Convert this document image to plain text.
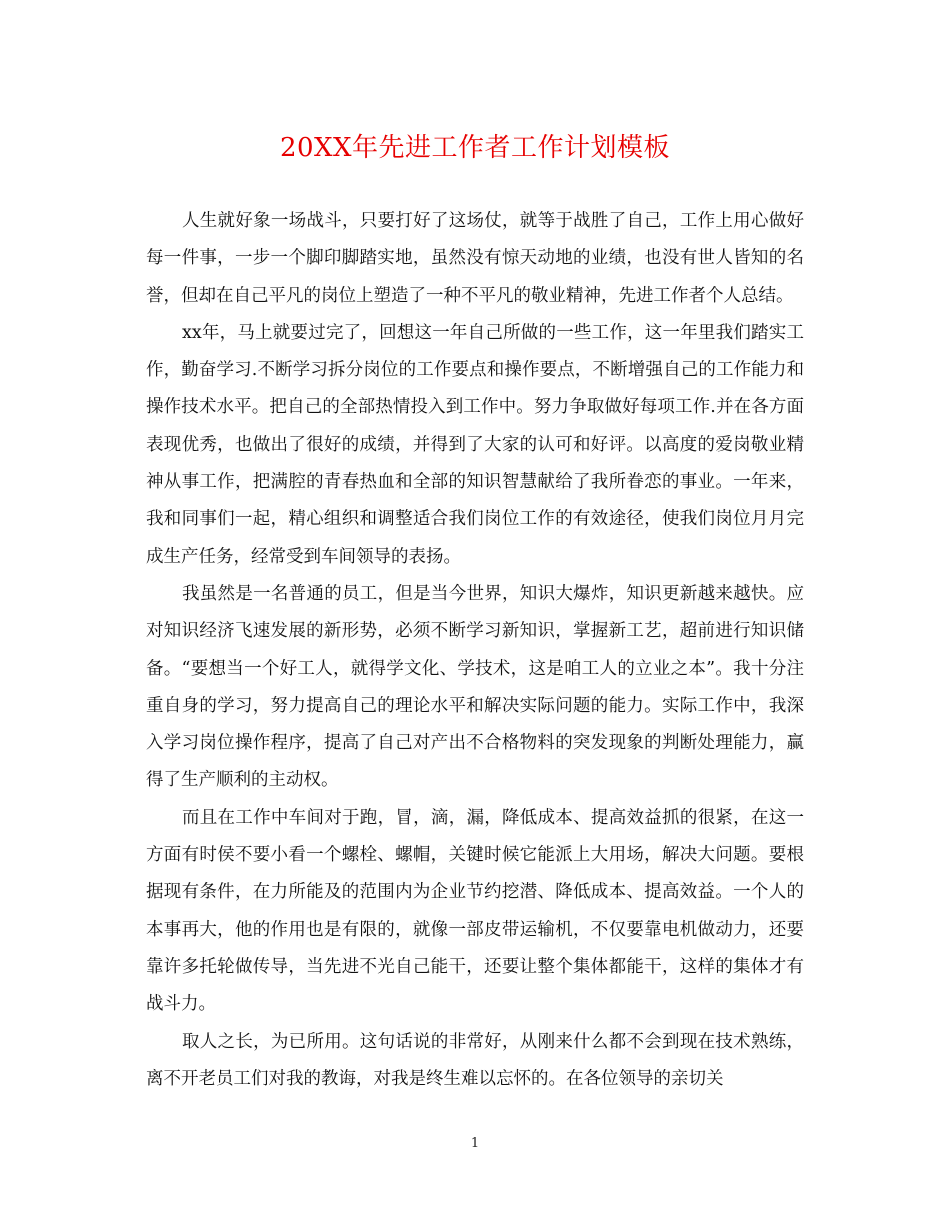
20XX年先进工作者工作计划模板

人生就好象一场战斗，只要打好了这场仗，就等于战胜了自己，工作上用心做好每一件事，一步一个脚印脚踏实地，虽然没有惊天动地的业绩，也没有世人皆知的名誉，但却在自己平凡的岗位上塑造了一种不平凡的敬业精神，先进工作者个人总结。

xx年，马上就要过完了，回想这一年自己所做的一些工作，这一年里我们踏实工作，勤奋学习.不断学习拆分岗位的工作要点和操作要点，不断增强自己的工作能力和操作技术水平。把自己的全部热情投入到工作中。努力争取做好每项工作.并在各方面表现优秀，也做出了很好的成绩，并得到了大家的认可和好评。以高度的爱岗敬业精神从事工作，把满腔的青春热血和全部的知识智慧献给了我所眷恋的事业。一年来，我和同事们一起，精心组织和调整适合我们岗位工作的有效途径，使我们岗位月月完成生产任务，经常受到车间领导的表扬。

我虽然是一名普通的员工，但是当今世界，知识大爆炸，知识更新越来越快。应对知识经济飞速发展的新形势，必须不断学习新知识，掌握新工艺，超前进行知识储备。“要想当一个好工人，就得学文化、学技术，这是咱工人的立业之本”。我十分注重自身的学习，努力提高自己的理论水平和解决实际问题的能力。实际工作中，我深入学习岗位操作程序，提高了自己对产出不合格物料的突发现象的判断处理能力，赢得了生产顺利的主动权。

而且在工作中车间对于跑，冒，滴，漏，降低成本、提高效益抓的很紧，在这一方面有时侯不要小看一个螺栓、螺帽，关键时候它能派上大用场，解决大问题。要根据现有条件，在力所能及的范围内为企业节约挖潜、降低成本、提高效益。一个人的本事再大，他的作用也是有限的，就像一部皮带运输机，不仅要靠电机做动力，还要靠许多托轮做传导，当先进不光自己能干，还要让整个集体都能干，这样的集体才有战斗力。

取人之长，为已所用。这句话说的非常好，从刚来什么都不会到现在技术熟练，离不开老员工们对我的教诲，对我是终生难以忘怀的。在各位领导的亲切关

1
